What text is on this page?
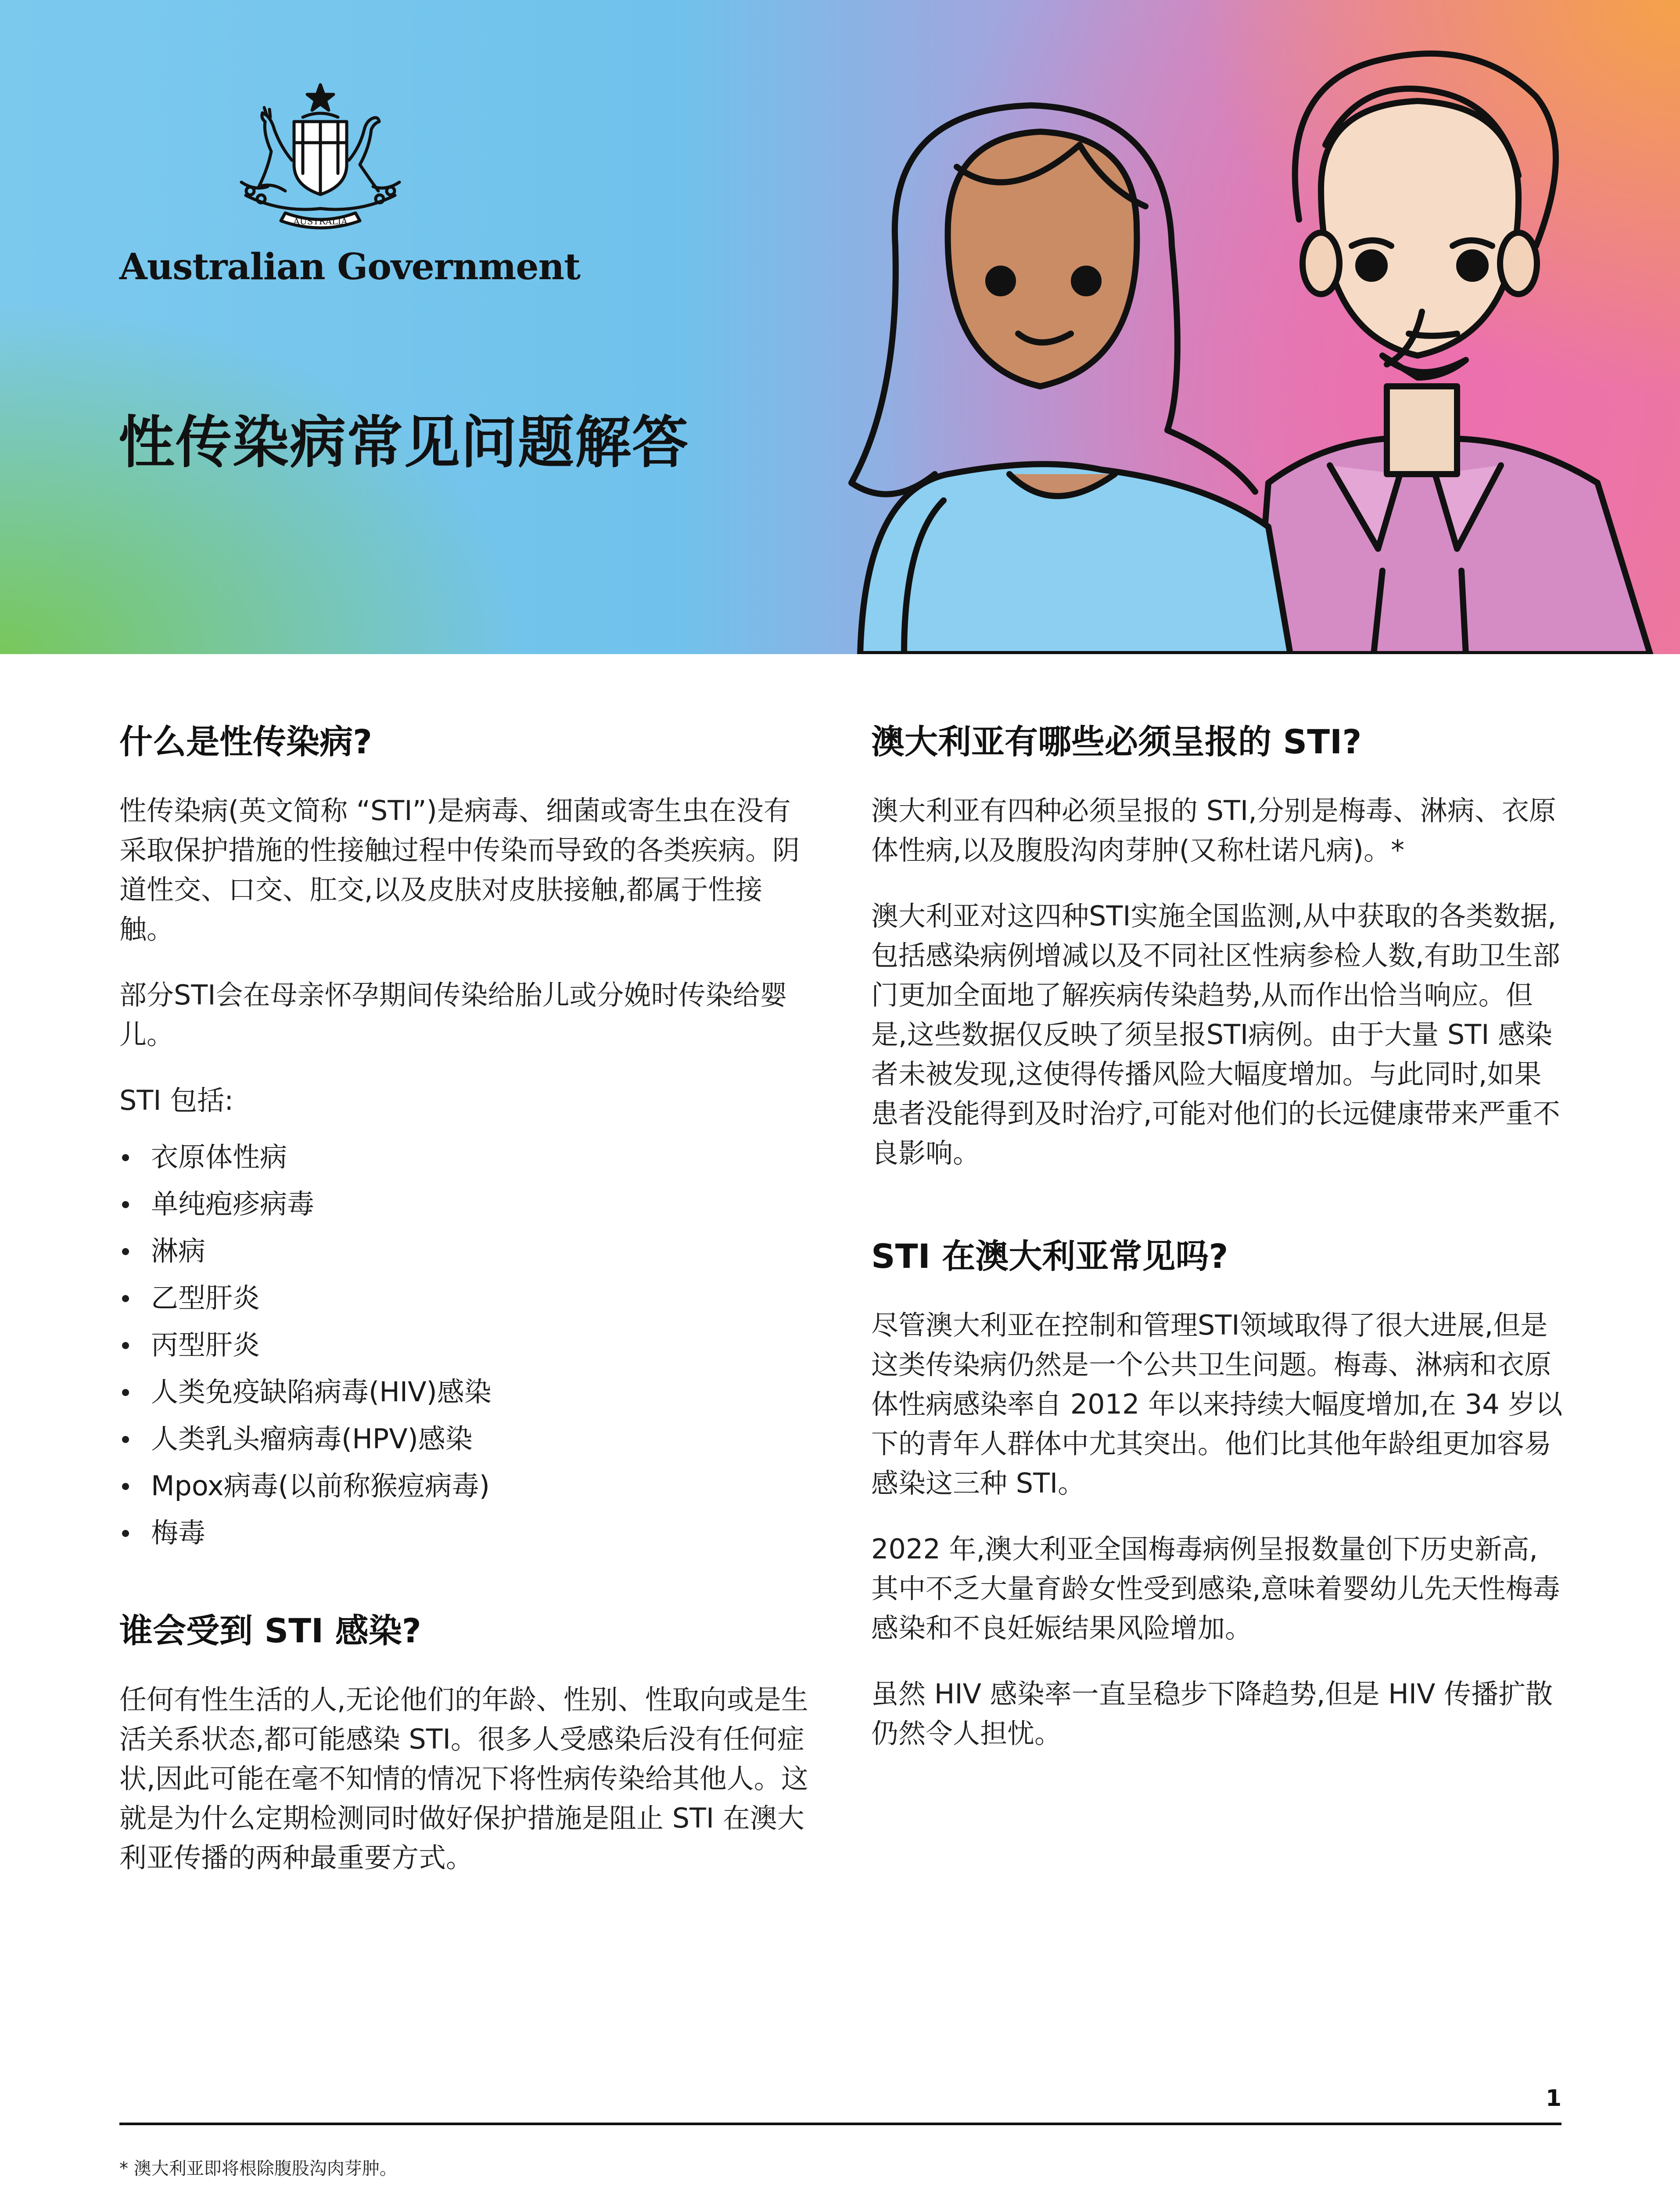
AUSTRALIA
Australian Government
性传染病常见问题解答
什么是性传染病?

性传染病(英文简称 “STI”)是病毒、细菌或寄生虫在没有采取保护措施的性接触过程中传染而导致的各类疾病。阴道性交、口交、肛交,以及皮肤对皮肤接触,都属于性接触。

部分STI会在母亲怀孕期间传染给胎儿或分娩时传染给婴儿。

STI 包括:

衣原体性病
单纯疱疹病毒
淋病
乙型肝炎
丙型肝炎
人类免疫缺陷病毒(HIV)感染
人类乳头瘤病毒(HPV)感染
Mpox病毒(以前称猴痘病毒)
梅毒
谁会受到 STI 感染?

任何有性生活的人,无论他们的年龄、性别、性取向或是生活关系状态,都可能感染 STI。很多人受感染后没有任何症状,因此可能在毫不知情的情况下将性病传染给其他人。这就是为什么定期检测同时做好保护措施是阻止 STI 在澳大利亚传播的两种最重要方式。

澳大利亚有哪些必须呈报的 STI?

澳大利亚有四种必须呈报的 STI,分别是梅毒、淋病、衣原体性病,以及腹股沟肉芽肿(又称杜诺凡病)。*

澳大利亚对这四种STI实施全国监测,从中获取的各类数据,包括感染病例增减以及不同社区性病参检人数,有助卫生部门更加全面地了解疾病传染趋势,从而作出恰当响应。但是,这些数据仅反映了须呈报STI病例。由于大量 STI 感染者未被发现,这使得传播风险大幅度增加。与此同时,如果患者没能得到及时治疗,可能对他们的长远健康带来严重不良影响。

STI 在澳大利亚常见吗?

尽管澳大利亚在控制和管理STI领域取得了很大进展,但是这类传染病仍然是一个公共卫生问题。梅毒、淋病和衣原体性病感染率自 2012 年以来持续大幅度增加,在 34 岁以下的青年人群体中尤其突出。他们比其他年龄组更加容易感染这三种 STI。

2022 年,澳大利亚全国梅毒病例呈报数量创下历史新高,其中不乏大量育龄女性受到感染,意味着婴幼儿先天性梅毒感染和不良妊娠结果风险增加。

虽然 HIV 感染率一直呈稳步下降趋势,但是 HIV 传播扩散仍然令人担忧。

1
* 澳大利亚即将根除腹股沟肉芽肿。
